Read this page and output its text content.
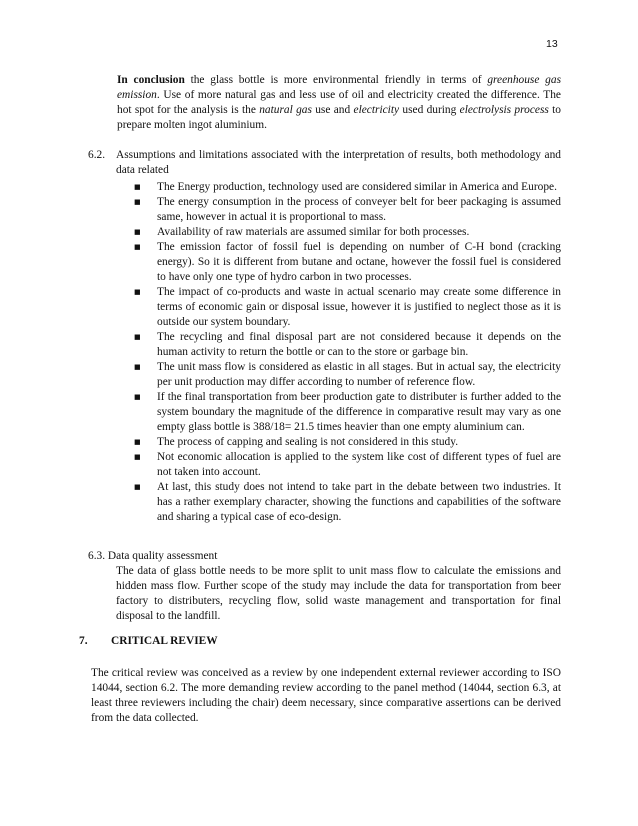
13

In conclusion the glass bottle is more environmental friendly in terms of greenhouse gas emission. Use of more natural gas and less use of oil and electricity created the difference. The hot spot for the analysis is the natural gas use and electricity used during electrolysis process to prepare molten ingot aluminium.

6.2. Assumptions and limitations associated with the interpretation of results, both methodology and data related
■	The Energy production, technology used are considered similar in America and Europe.
■	The energy consumption in the process of conveyer belt for beer packaging is assumed same, however in actual it is proportional to mass.
■	Availability of raw materials are assumed similar for both processes.
■	The emission factor of fossil fuel is depending on number of C-H bond (cracking energy). So it is different from butane and octane, however the fossil fuel is considered to have only one type of hydro carbon in two processes.
■	The impact of co-products and waste in actual scenario may create some difference in terms of economic gain or disposal issue, however it is justified to neglect those as it is outside our system boundary.
■	The recycling and final disposal part are not considered because it depends on the human activity to return the bottle or can to the store or garbage bin.
■	The unit mass flow is considered as elastic in all stages. But in actual say, the electricity per unit production may differ according to number of reference flow.
■	If the final transportation from beer production gate to distributer is further added to the system boundary the magnitude of the difference in comparative result may vary as one empty glass bottle is 388/18= 21.5 times heavier than one empty aluminium can.
■	The process of capping and sealing is not considered in this study.
■	Not economic allocation is applied to the system like cost of different types of fuel are not taken into account.
■	At last, this study does not intend to take part in the debate between two industries. It has a rather exemplary character, showing the functions and capabilities of the software and sharing a typical case of eco-design.
6.3. Data quality assessment

The data of glass bottle needs to be more split to unit mass flow to calculate the emissions and hidden mass flow. Further scope of the study may include the data for transportation from beer factory to distributers, recycling flow, solid waste management and transportation for final disposal to the landfill.

7.	CRITICAL REVIEW

The critical review was conceived as a review by one independent external reviewer according to ISO 14044, section 6.2. The more demanding review according to the panel method (14044, section 6.3, at least three reviewers including the chair) deem necessary, since comparative assertions can be derived from the data collected.
